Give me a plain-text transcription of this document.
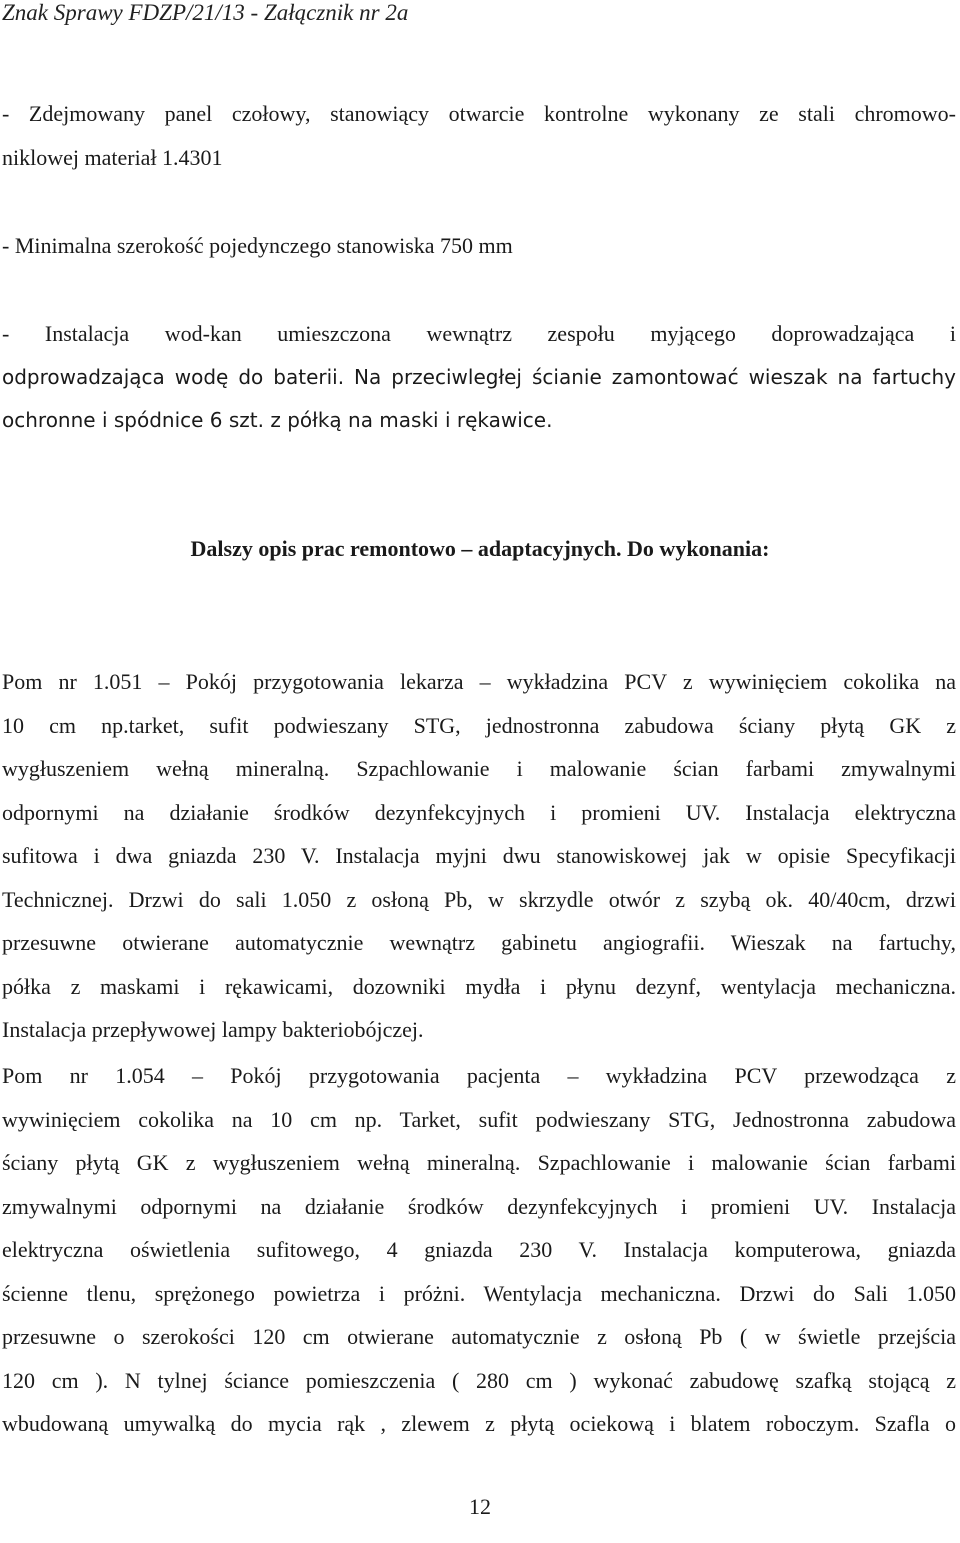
Znak Sprawy FDZP/21/13 - Załącznik nr 2a
- Zdejmowany panel czołowy, stanowiący otwarcie kontrolne wykonany ze stali chromowo-
niklowej materiał 1.4301
- Minimalna szerokość pojedynczego stanowiska 750 mm
- Instalacja wod-kan umieszczona wewnątrz zespołu myjącego doprowadzająca i
odprowadzająca wodę do baterii. Na przeciwległej ścianie zamontować wieszak na fartuchy
ochronne i spódnice 6 szt. z półką na maski i rękawice.
Dalszy opis prac remontowo – adaptacyjnych. Do wykonania:
Pom nr 1.051 – Pokój przygotowania lekarza – wykładzina PCV z wywinięciem cokolika na
10 cm np.tarket, sufit podwieszany STG, jednostronna zabudowa ściany płytą GK z
wygłuszeniem wełną mineralną. Szpachlowanie i malowanie ścian farbami zmywalnymi
odpornymi na działanie środków dezynfekcyjnych i promieni UV. Instalacja elektryczna
sufitowa i dwa gniazda 230 V. Instalacja myjni dwu stanowiskowej jak w opisie Specyfikacji
Technicznej. Drzwi do sali 1.050 z osłoną Pb, w skrzydle otwór z szybą ok. 40/40cm, drzwi
przesuwne otwierane automatycznie wewnątrz gabinetu angiografii. Wieszak na fartuchy,
półka z maskami i rękawicami, dozowniki mydła i płynu dezynf, wentylacja mechaniczna.
Instalacja przepływowej lampy bakteriobójczej.
Pom nr 1.054 – Pokój przygotowania pacjenta – wykładzina PCV przewodząca z
wywinięciem cokolika na 10 cm np. Tarket, sufit podwieszany STG, Jednostronna zabudowa
ściany płytą GK z wygłuszeniem wełną mineralną. Szpachlowanie i malowanie ścian farbami
zmywalnymi odpornymi na działanie środków dezynfekcyjnych i promieni UV. Instalacja
elektryczna oświetlenia sufitowego, 4 gniazda 230 V. Instalacja komputerowa, gniazda
ścienne tlenu, sprężonego powietrza i próżni. Wentylacja mechaniczna. Drzwi do Sali 1.050
przesuwne o szerokości 120 cm otwierane automatycznie z osłoną Pb ( w świetle przejścia
120 cm ). N tylnej ściance pomieszczenia ( 280 cm ) wykonać zabudowę szafką stojącą z
wbudowaną umywalką do mycia rąk , zlewem z płytą ociekową i blatem roboczym. Szafla o
12
